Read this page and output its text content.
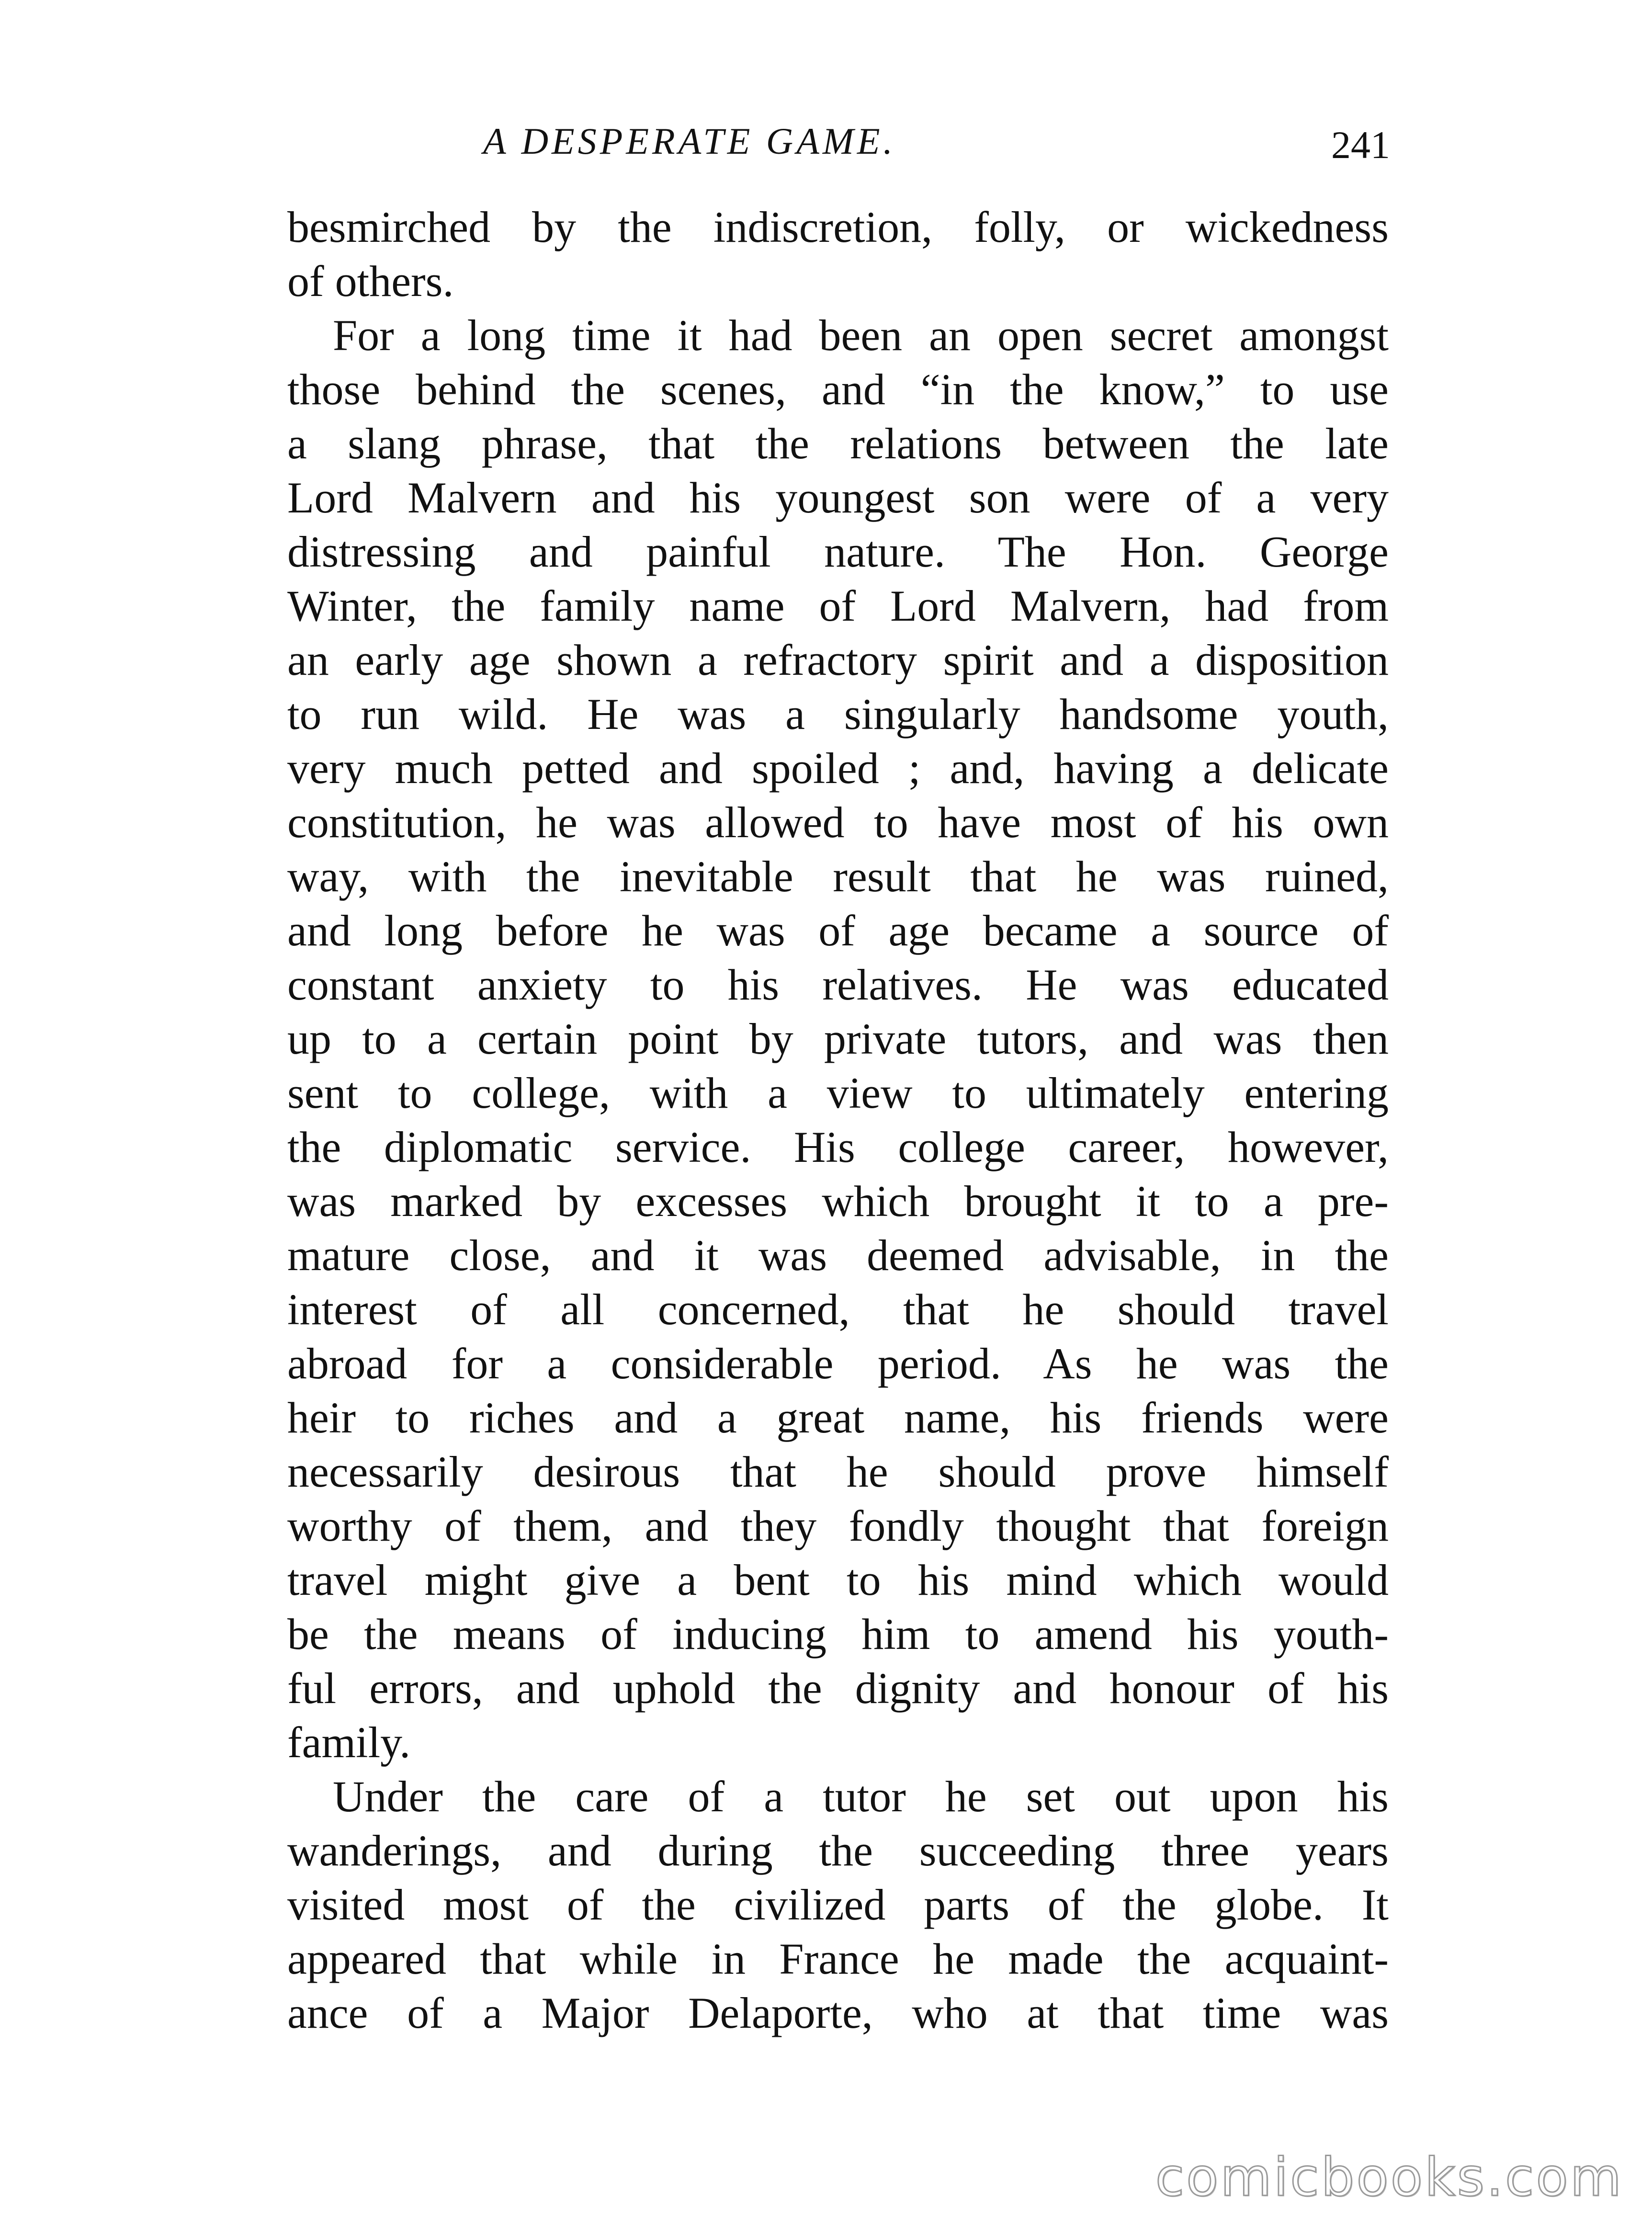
A DESPERATE GAME.	241
besmirched by the indiscretion, folly, or wickedness
of others.
For a long time it had been an open secret amongst
those behind the scenes, and “in the know,” to use
a slang phrase, that the relations between the late
Lord Malvern and his youngest son were of a very
distressing and painful nature. The Hon. George
Winter, the family name of Lord Malvern, had from
an early age shown a refractory spirit and a disposition
to run wild. He was a singularly handsome youth,
very much petted and spoiled ; and, having a delicate
constitution, he was allowed to have most of his own
way, with the inevitable result that he was ruined,
and long before he was of age became a source of
constant anxiety to his relatives. He was educated
up to a certain point by private tutors, and was then
sent to college, with a view to ultimately entering
the diplomatic service. His college career, however,
was marked by excesses which brought it to a pre-
mature close, and it was deemed advisable, in the
interest of all concerned, that he should travel
abroad for a considerable period. As he was the
heir to riches and a great name, his friends were
necessarily desirous that he should prove himself
worthy of them, and they fondly thought that foreign
travel might give a bent to his mind which would
be the means of inducing him to amend his youth-
ful errors, and uphold the dignity and honour of his
family.
Under the care of a tutor he set out upon his
wanderings, and during the succeeding three years
visited most of the civilized parts of the globe. It
appeared that while in France he made the acquaint-
ance of a Major Delaporte, who at that time was
comicbooks.com
